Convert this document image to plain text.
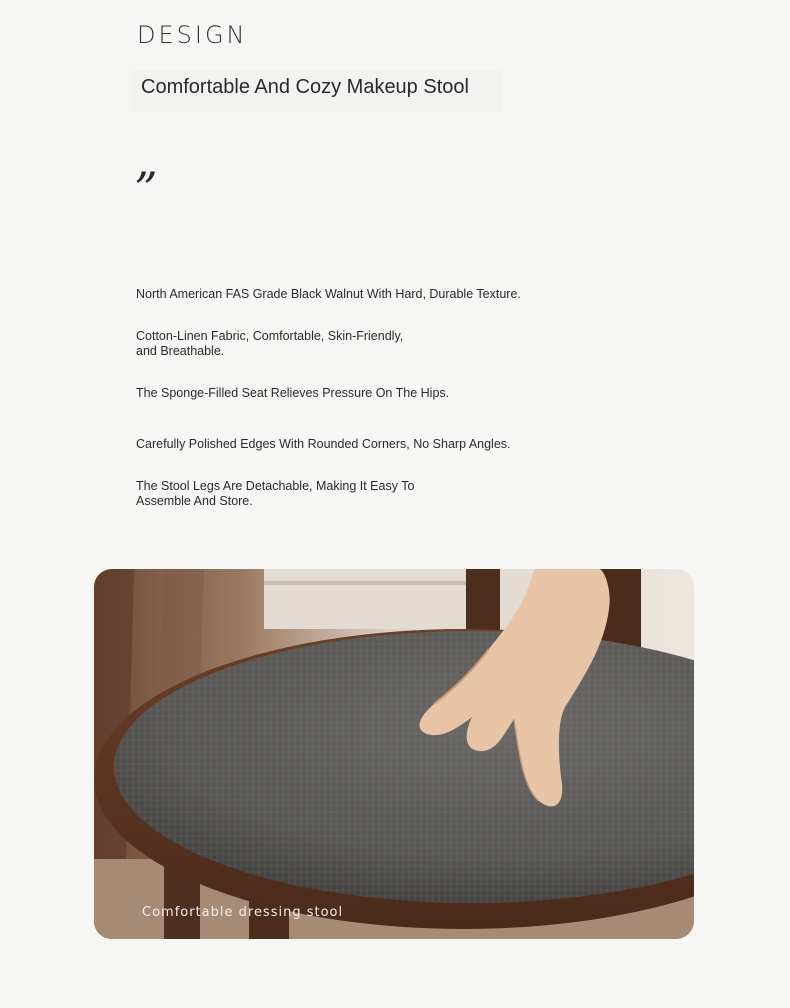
DESIGN
Comfortable And Cozy Makeup Stool
”
North American FAS Grade Black Walnut With Hard, Durable Texture.
Cotton-Linen Fabric, Comfortable, Skin-Friendly,
and Breathable.
The Sponge-Filled Seat Relieves Pressure On The Hips.
Carefully Polished Edges With Rounded Corners, No Sharp Angles.
The Stool Legs Are Detachable, Making It Easy To
Assemble And Store.
Comfortable dressing stool
